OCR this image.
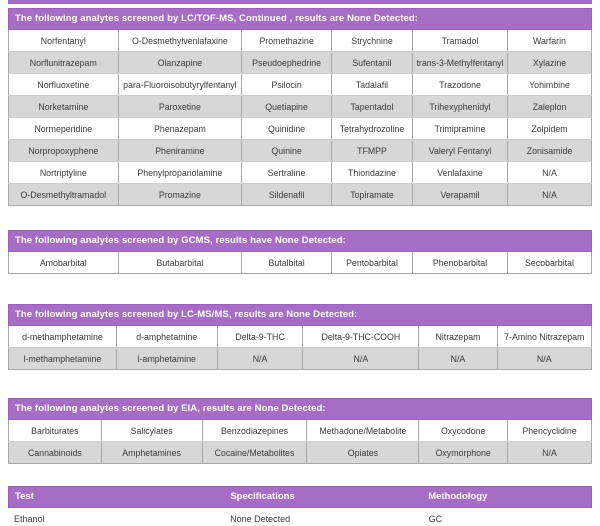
The following analytes screened by LC/TOF-MS, Continued , results are None Detected:
Norfentanyl	O-Desmethylvenlafaxine	Promethazine	Strychnine	Tramadol	Warfarin
Norflunitrazepam	Olanzapine	Pseudoephedrine	Sufentanil	trans-3-Methylfentanyl	Xylazine
Norfluoxetine	para-Fluoroisobutyrylfentanyl	Psilocin	Tadalafil	Trazodone	Yohimbine
Norketamine	Paroxetine	Quetiapine	Tapentadol	Trihexyphenidyl	Zaleplon
Normeperidine	Phenazepam	Quinidine	Tetrahydrozoline	Trimipramine	Zolpidem
Norpropoxyphene	Pheniramine	Quinine	TFMPP	Valeryl Fentanyl	Zonisamide
Nortriptyline	Phenylpropanolamine	Sertraline	Thioridazine	Venlafaxine	N/A
O-Desmethyltramadol	Promazine	Sildenafil	Topiramate	Verapamil	N/A
The following analytes screened by GCMS, results have None Detected:
Amobarbital	Butabarbital	Butalbital	Pentobarbital	Phenobarbital	Secobarbital
The following analytes screened by LC-MS/MS, results are None Detected:
d-methamphetamine	d-amphetamine	Delta-9-THC	Delta-9-THC-COOH	Nitrazepam	7-Amino Nitrazepam
l-methamphetamine	l-amphetamine	N/A	N/A	N/A	N/A
The following analytes screened by EIA, results are None Detected:
Barbiturates	Salicylates	Benzodiazepines	Methadone/Metabolite	Oxycodone	Phencyclidine
Cannabinoids	Amphetamines	Cocaine/Metabolites	Opiates	Oxymorphone	N/A
Test	Specifications	Methodology
Ethanol	None Detected	GC
